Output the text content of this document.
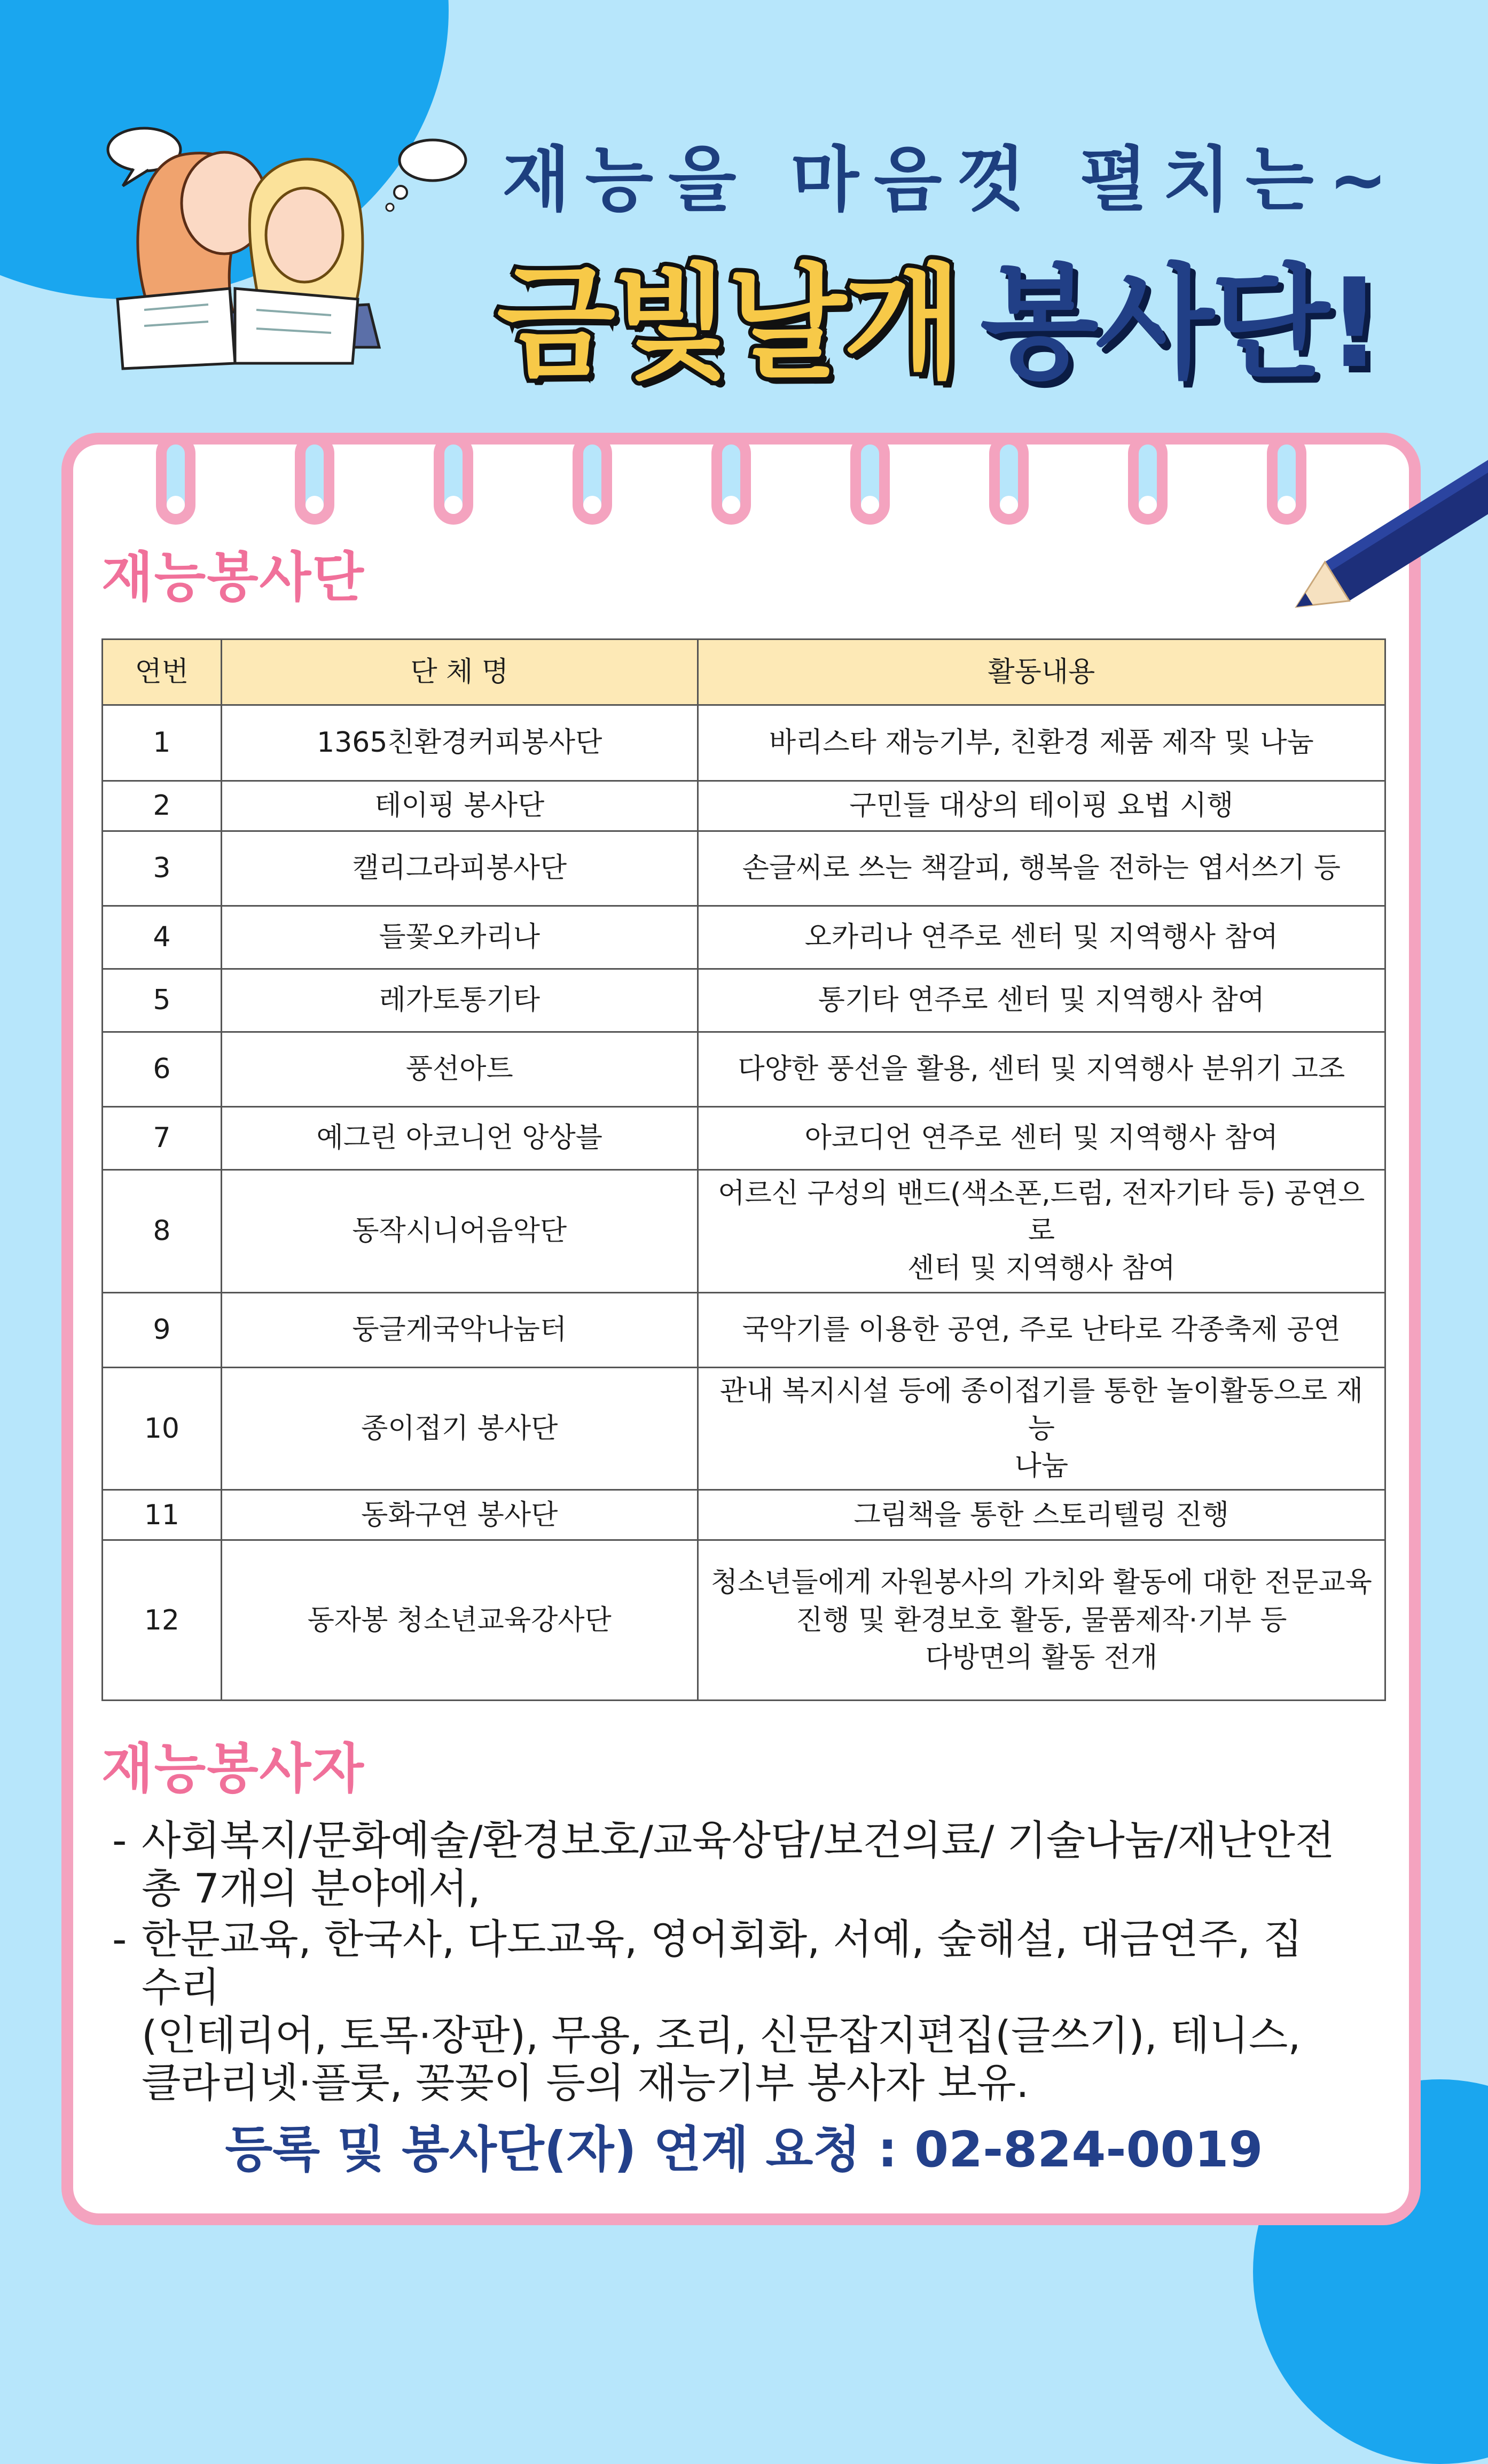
재능을 마음껏 펼치는~
금빛날개 봉사단!
재능봉사단
연번	단 체 명	활동내용
1	1365친환경커피봉사단	바리스타 재능기부, 친환경 제품 제작 및 나눔

2	테이핑 봉사단	구민들 대상의 테이핑 요법 시행

3	캘리그라피봉사단	손글씨로 쓰는 책갈피, 행복을 전하는 엽서쓰기 등

4	들꽃오카리나	오카리나 연주로 센터 및 지역행사 참여

5	레가토통기타	통기타 연주로 센터 및 지역행사 참여

6	풍선아트	다양한 풍선을 활용, 센터 및 지역행사 분위기 고조

7	예그린 아코니언 앙상블	아코디언 연주로 센터 및 지역행사 참여

8	동작시니어음악단	어르신 구성의 밴드(색소폰,드럼, 전자기타 등) 공연으로
센터 및 지역행사 참여

9	둥글게국악나눔터	국악기를 이용한 공연, 주로 난타로 각종축제 공연

10	종이접기 봉사단	관내 복지시설 등에 종이접기를 통한 놀이활동으로 재능
나눔

11	동화구연 봉사단	그림책을 통한 스토리텔링 진행

12	동자봉 청소년교육강사단	청소년들에게 자원봉사의 가치와 활동에 대한 전문교육
진행 및 환경보호 활동, 물품제작·기부 등
다방면의 활동 전개
재능봉사자
- 사회복지/문화예술/환경보호/교육상담/보건의료/ 기술나눔/재난안전
총 7개의 분야에서,
- 한문교육, 한국사, 다도교육, 영어회화, 서예, 숲해설, 대금연주, 집수리
(인테리어, 토목·장판), 무용, 조리, 신문잡지편집(글쓰기), 테니스,
클라리넷·플룻, 꽂꽂이 등의 재능기부 봉사자 보유.
등록 및 봉사단(자) 연계 요청 : 02-824-0019
